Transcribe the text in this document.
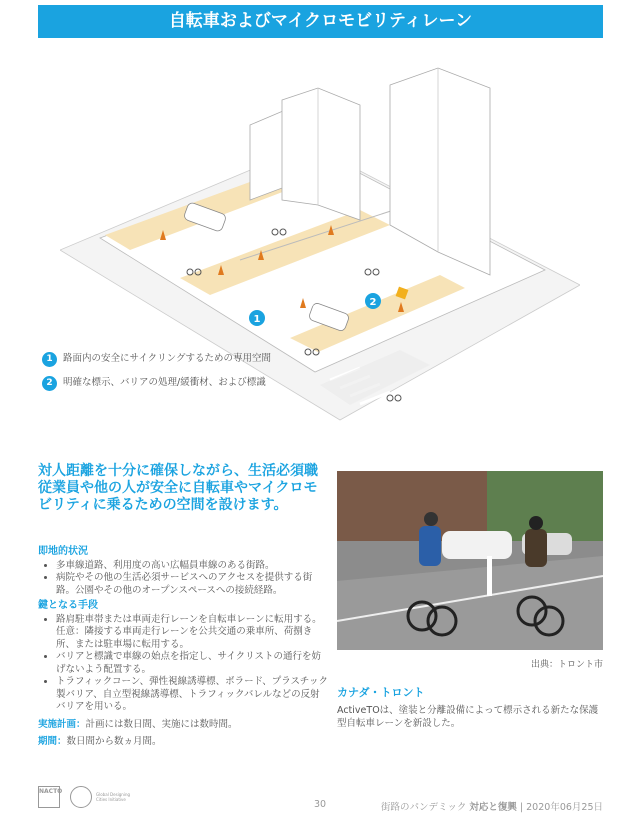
自転車およびマイクロモビリティレーン
1
2
1	路面内の安全にサイクリングするための専用空間
2	明確な標示、バリアの処理/緩衝材、および標識
対人距離を十分に確保しながら、生活必須職従業員や他の人が安全に自転車やマイクロモビリティに乗るための空間を設けます。
即地的状況
• 多車線道路、利用度の高い広幅員車線のある街路。
• 病院やその他の生活必須サービスへのアクセスを提供する街路。公園やその他のオープンスペースへの接続経路。
鍵となる手段
• 路肩駐車帯または車両走行レーンを自転車レーンに転用する。任意：隣接する車両走行レーンを公共交通の乗車所、荷捌き所、または駐車場に転用する。
• バリアと標識で車線の始点を指定し、サイクリストの通行を妨げないよう配置する。
• トラフィックコーン、弾性視線誘導標、ボラード、プラスチック製バリア、自立型視線誘導標、トラフィックバレルなどの反射バリアを用いる。
実施計画：計画には数日間、実施には数時間。
期間：数日間から数ヵ月間。
出典：トロント市
カナダ・トロント
ActiveTOは、塗装と分離設備によって標示される新たな保護型自転車レーンを新設した。
NACTO	Global Designing Cities Initiative	30	街路のパンデミック 対応と復興 | 2020年06月25日
